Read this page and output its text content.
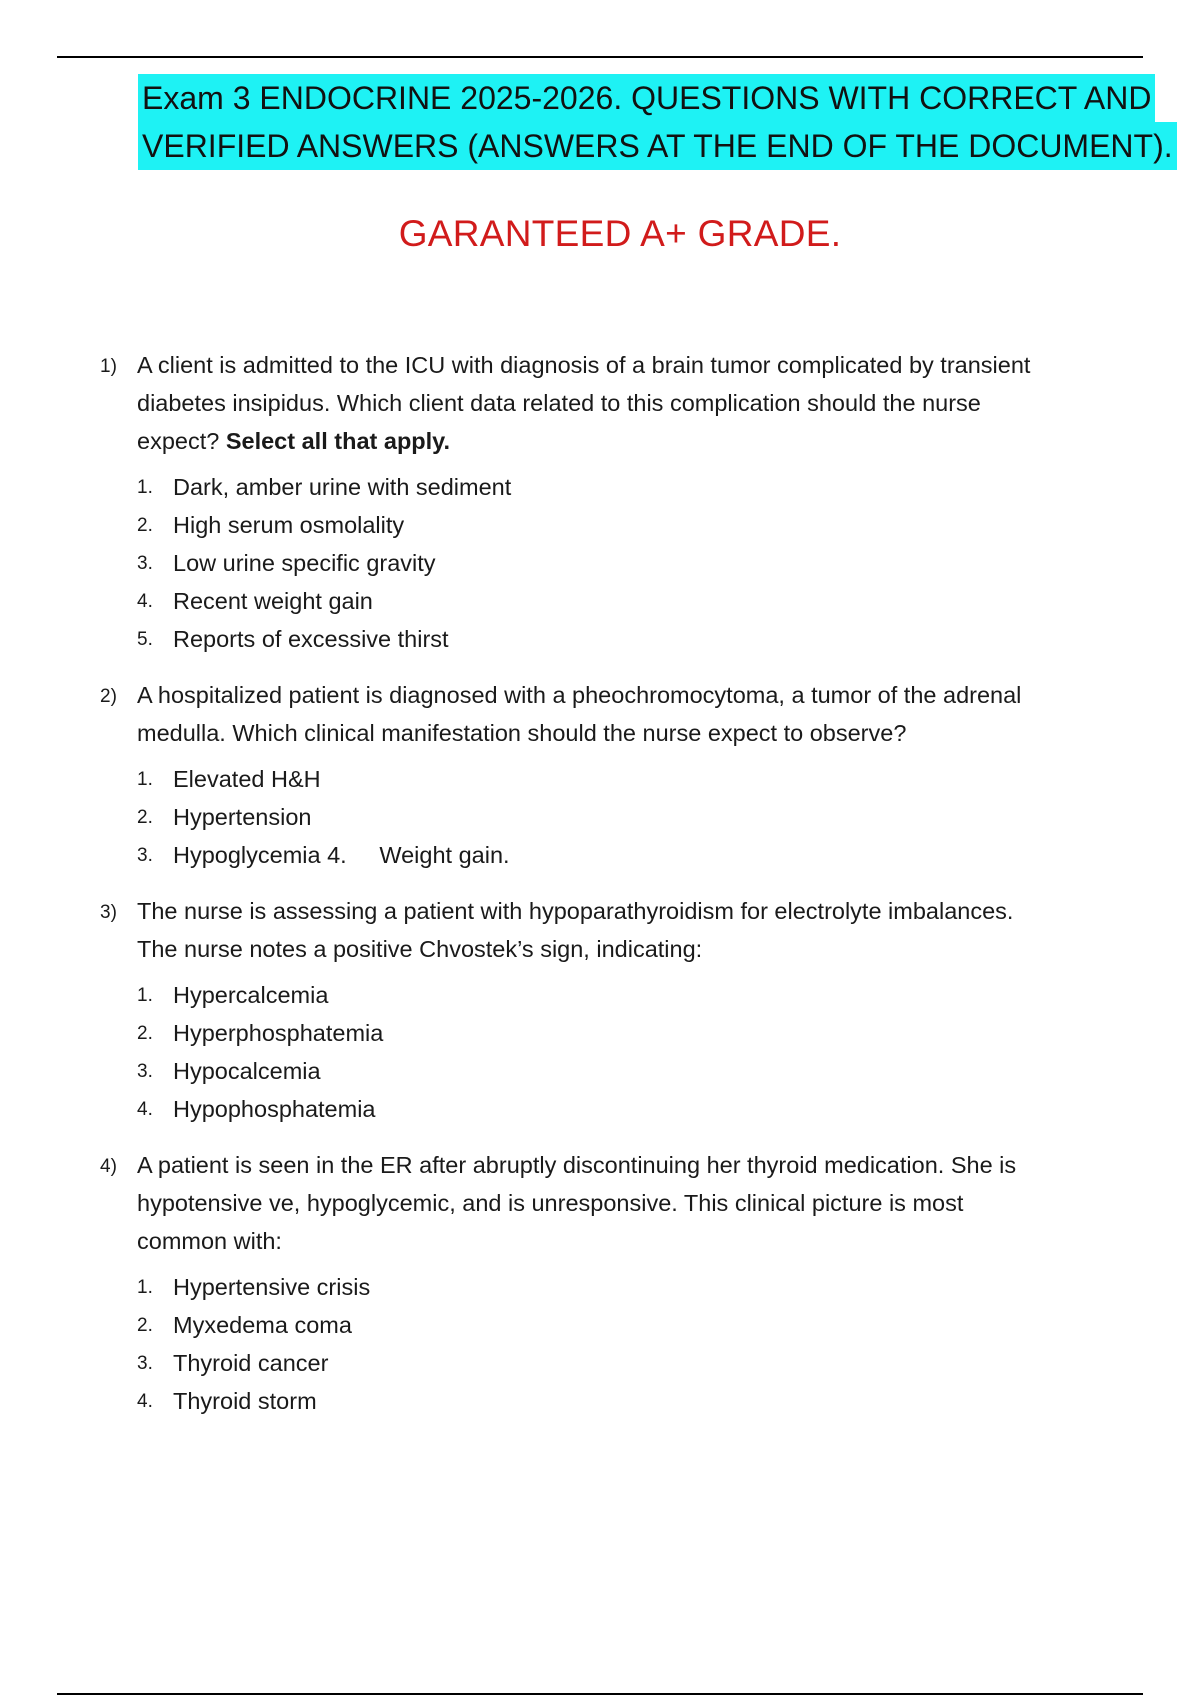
Exam 3 ENDOCRINE 2025-2026. QUESTIONS WITH CORRECT AND
VERIFIED ANSWERS (ANSWERS AT THE END OF THE DOCUMENT).
GARANTEED A+ GRADE.
1) A client is admitted to the ICU with diagnosis of a brain tumor complicated by transient
diabetes insipidus. Which client data related to this complication should the nurse
expect? Select all that apply.
1. Dark, amber urine with sediment
2. High serum osmolality
3. Low urine specific gravity
4. Recent weight gain
5. Reports of excessive thirst
2) A hospitalized patient is diagnosed with a pheochromocytoma, a tumor of the adrenal
medulla. Which clinical manifestation should the nurse expect to observe?
1. Elevated H&H
2. Hypertension
3. Hypoglycemia 4.     Weight gain.
3) The nurse is assessing a patient with hypoparathyroidism for electrolyte imbalances.
The nurse notes a positive Chvostek’s sign, indicating:
1. Hypercalcemia
2. Hyperphosphatemia
3. Hypocalcemia
4. Hypophosphatemia
4) A patient is seen in the ER after abruptly discontinuing her thyroid medication. She is
hypotensive ve, hypoglycemic, and is unresponsive. This clinical picture is most
common with:
1. Hypertensive crisis
2. Myxedema coma
3. Thyroid cancer
4. Thyroid storm
